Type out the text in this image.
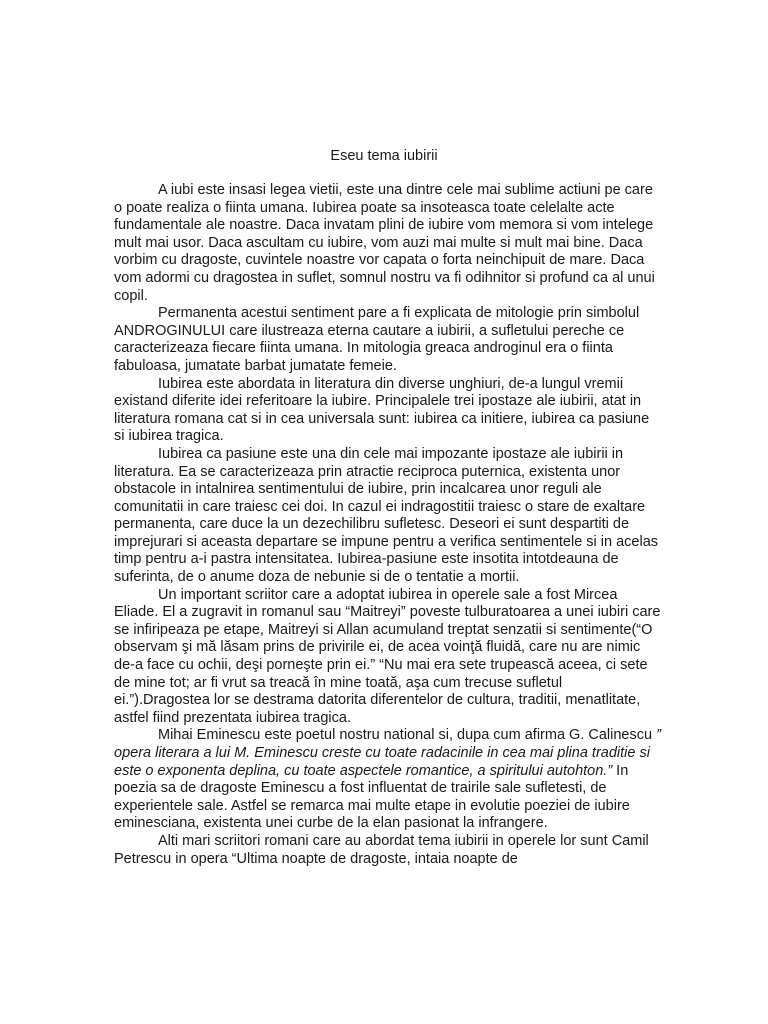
Eseu tema iubirii

A iubi este insasi legea vietii, este una dintre cele mai sublime actiuni pe care o poate realiza o fiinta umana. Iubirea poate sa insoteasca toate celelalte acte fundamentale ale noastre. Daca invatam plini de iubire vom memora si vom intelege mult mai usor. Daca ascultam cu iubire, vom auzi mai multe si mult mai bine. Daca vorbim cu dragoste, cuvintele noastre vor capata o forta neinchipuit de mare. Daca vom adormi cu dragostea in suflet, somnul nostru va fi odihnitor si profund ca al unui copil.

Permanenta acestui sentiment pare a fi explicata de mitologie prin simbolul ANDROGINULUI care ilustreaza eterna cautare a iubirii, a sufletului pereche ce caracterizeaza fiecare fiinta umana. In mitologia greaca androginul era o fiinta fabuloasa, jumatate barbat jumatate femeie.

Iubirea este abordata in literatura din diverse unghiuri, de-a lungul vremii existand diferite idei referitoare la iubire. Principalele trei ipostaze ale iubirii, atat in literatura romana cat si in cea universala sunt: iubirea ca initiere, iubirea ca pasiune si iubirea tragica.

Iubirea ca pasiune este una din cele mai impozante ipostaze ale iubirii in literatura. Ea se caracterizeaza prin atractie reciproca puternica, existenta unor obstacole in intalnirea sentimentului de iubire, prin incalcarea unor reguli ale comunitatii in care traiesc cei doi. In cazul ei indragostitii traiesc o stare de exaltare permanenta, care duce la un dezechilibru sufletesc. Deseori ei sunt despartiti de imprejurari si aceasta departare se impune pentru a verifica sentimentele si in acelas timp pentru a-i pastra intensitatea. Iubirea-pasiune este insotita intotdeauna de suferinta, de o anume doza de nebunie si de o tentatie a mortii.

Un important scriitor care a adoptat iubirea in operele sale a fost Mircea Eliade. El a zugravit in romanul sau “Maitreyi” poveste tulburatoarea a unei iubiri care se infiripeaza pe etape, Maitreyi si Allan acumuland treptat senzatii si sentimente(“O observam şi mă lăsam prins de privirile ei, de acea voinţă fluidă, care nu are nimic de-a face cu ochii, deşi porneşte prin ei.” “Nu mai era sete trupească aceea, ci sete de mine tot; ar fi vrut sa treacă în mine toată, aşa cum trecuse sufletul ei.”).Dragostea lor se destrama datorita diferentelor de cultura, traditii, menatlitate, astfel fiind prezentata iubirea tragica.

Mihai Eminescu este poetul nostru national si, dupa cum afirma G. Calinescu ” opera literara a lui M. Eminescu creste cu toate radacinile in cea mai plina traditie si este o exponenta deplina, cu toate aspectele romantice, a spiritului autohton.” In poezia sa de dragoste Eminescu a fost influentat de trairile sale sufletesti, de experientele sale. Astfel se remarca mai multe etape in evolutie poeziei de iubire eminesciana, existenta unei curbe de la elan pasionat la infrangere.

Alti mari scriitori romani care au abordat tema iubirii in operele lor sunt Camil Petrescu in opera “Ultima noapte de dragoste, intaia noapte de
